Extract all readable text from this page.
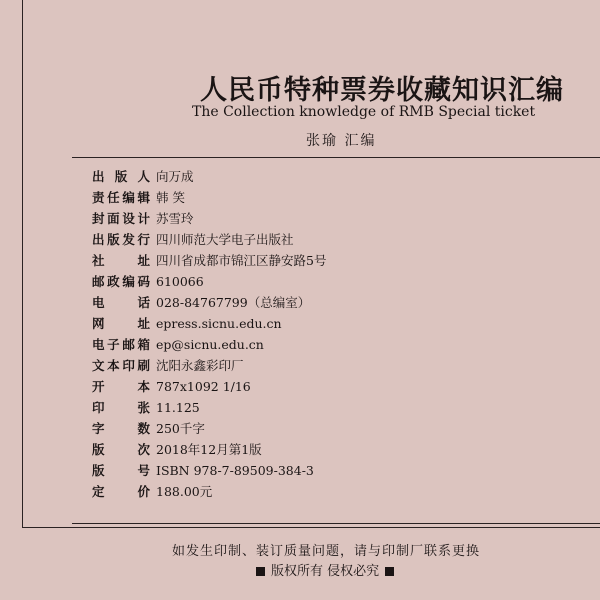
人民币特种票券收藏知识汇编
The Collection knowledge of RMB Special ticket
张瑜 汇编
出 版 人 向万成
责任编辑 韩 笑
封面设计 苏雪玲
出版发行 四川师范大学电子出版社
社　　址 四川省成都市锦江区静安路5号
邮政编码 610066
电　　话 028-84767799（总编室）
网　　址 epress.sicnu.edu.cn
电子邮箱 ep@sicnu.edu.cn
文本印刷 沈阳永鑫彩印厂
开　　本 787x1092 1/16
印　　张 11.125
字　　数 250千字
版　　次 2018年12月第1版
版　　号 ISBN 978-7-89509-384-3
定　　价 188.00元
如发生印制、装订质量问题，请与印制厂联系更换
版权所有 侵权必究
